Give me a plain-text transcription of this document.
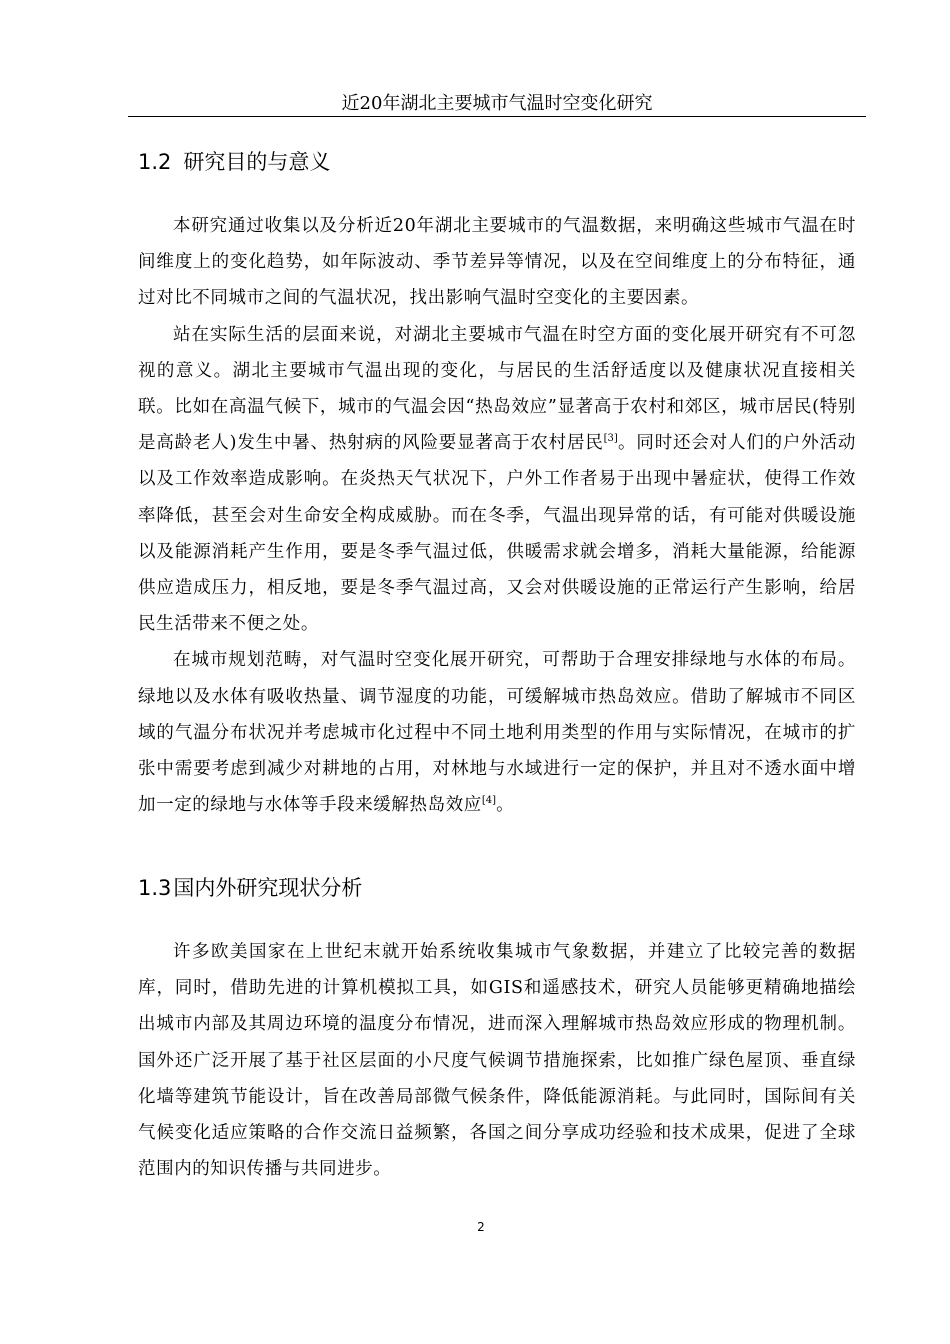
近20年湖北主要城市气温时空变化研究
1.2 研究目的与意义

本研究通过收集以及分析近20年湖北主要城市的气温数据，来明确这些城市气温在时间维度上的变化趋势，如年际波动、季节差异等情况，以及在空间维度上的分布特征，通过对比不同城市之间的气温状况，找出影响气温时空变化的主要因素。

站在实际生活的层面来说，对湖北主要城市气温在时空方面的变化展开研究有不可忽视的意义。湖北主要城市气温出现的变化，与居民的生活舒适度以及健康状况直接相关联。比如在高温气候下，城市的气温会因“热岛效应”显著高于农村和郊区，城市居民(特别是高龄老人)发生中暑、热射病的风险要显著高于农村居民[3]。同时还会对人们的户外活动以及工作效率造成影响。在炎热天气状况下，户外工作者易于出现中暑症状，使得工作效率降低，甚至会对生命安全构成威胁。而在冬季，气温出现异常的话，有可能对供暖设施以及能源消耗产生作用，要是冬季气温过低，供暖需求就会增多，消耗大量能源，给能源供应造成压力，相反地，要是冬季气温过高，又会对供暖设施的正常运行产生影响，给居民生活带来不便之处。

在城市规划范畴，对气温时空变化展开研究，可帮助于合理安排绿地与水体的布局。绿地以及水体有吸收热量、调节湿度的功能，可缓解城市热岛效应。借助了解城市不同区域的气温分布状况并考虑城市化过程中不同土地利用类型的作用与实际情况，在城市的扩张中需要考虑到减少对耕地的占用，对林地与水域进行一定的保护，并且对不透水面中增加一定的绿地与水体等手段来缓解热岛效应[4]。

1.3国内外研究现状分析

许多欧美国家在上世纪末就开始系统收集城市气象数据，并建立了比较完善的数据库，同时，借助先进的计算机模拟工具，如GIS和遥感技术，研究人员能够更精确地描绘出城市内部及其周边环境的温度分布情况，进而深入理解城市热岛效应形成的物理机制。国外还广泛开展了基于社区层面的小尺度气候调节措施探索，比如推广绿色屋顶、垂直绿化墙等建筑节能设计，旨在改善局部微气候条件，降低能源消耗。与此同时，国际间有关气候变化适应策略的合作交流日益频繁，各国之间分享成功经验和技术成果，促进了全球范围内的知识传播与共同进步。

2
